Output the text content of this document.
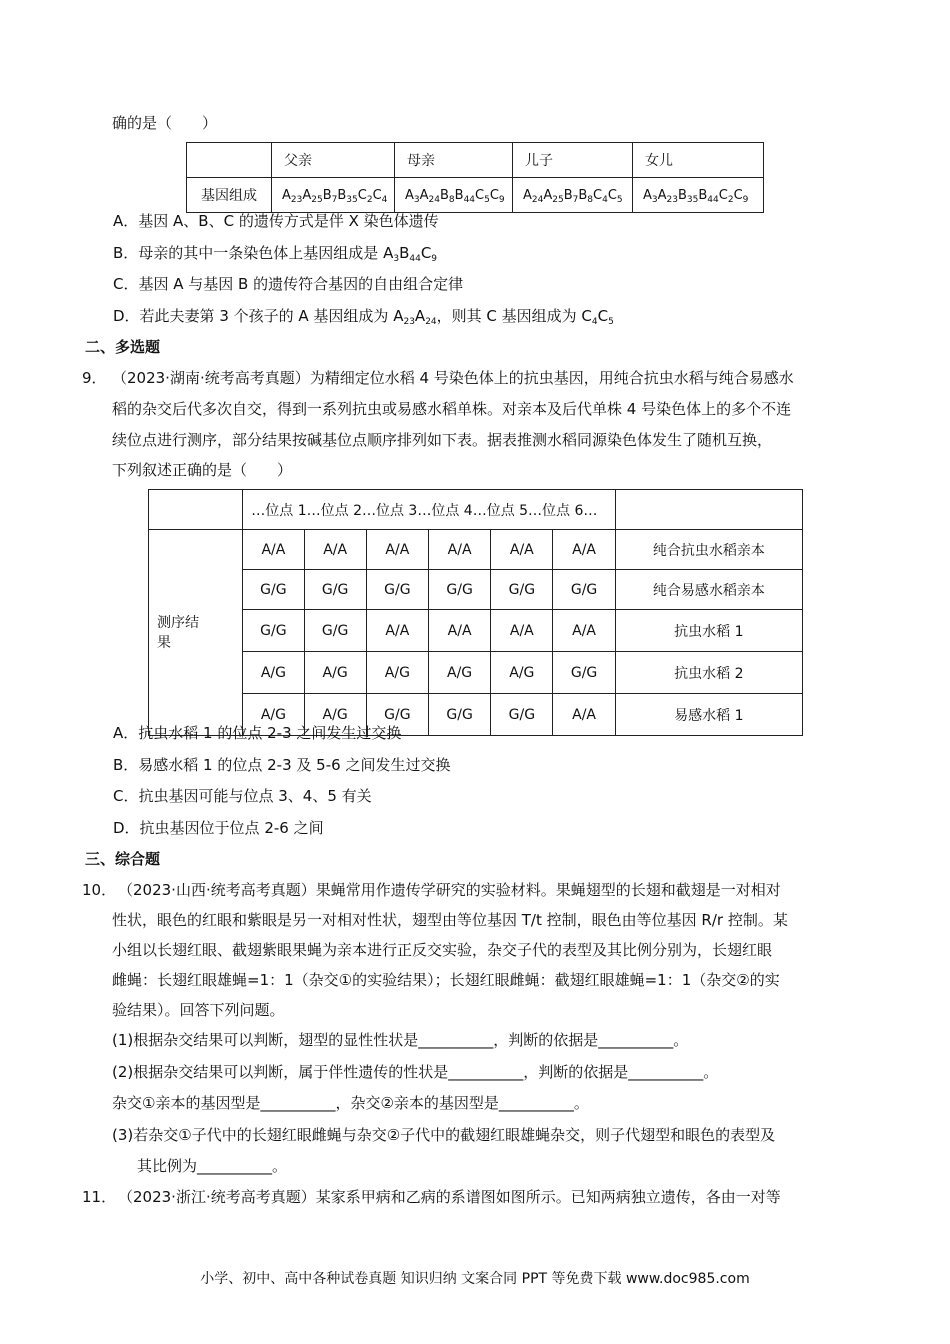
确的是（　　）
	父亲	母亲	儿子	女儿
基因组成	$A_{23}A_{25}B_7B_{35}C_2C_4$	$A_3A_{24}B_8B_{44}C_5C_9$	$A_{24}A_{25}B_7B_8C_4C_5$	$A_3A_{23}B_{35}B_{44}C_2C_9$
A．基因 A、B、C 的遗传方式是伴 X 染色体遗传
B．母亲的其中一条染色体上基因组成是 $A_3B_{44}C_9$
C．基因 A 与基因 B 的遗传符合基因的自由组合定律
D．若此夫妻第 3 个孩子的 A 基因组成为 $A_{23}A_{24}$，则其 C 基因组成为 $C_4C_5$
二、多选题
9． （2023·湖南·统考高考真题）为精细定位水稻 4 号染色体上的抗虫基因，用纯合抗虫水稻与纯合易感水
稻的杂交后代多次自交，得到一系列抗虫或易感水稻单株。对亲本及后代单株 4 号染色体上的多个不连
续位点进行测序，部分结果按碱基位点顺序排列如下表。据表推测水稻同源染色体发生了随机互换，
下列叙述正确的是（　　）
	…位点 1…位点 2…位点 3…位点 4…位点 5…位点 6…						

测序结果	A/A	A/A	A/A	A/A	A/A	A/A	纯合抗虫水稻亲本
	G/G	G/G	G/G	G/G	G/G	G/G	纯合易感水稻亲本
	G/G	G/G	A/A	A/A	A/A	A/A	抗虫水稻 1
	A/G	A/G	A/G	A/G	A/G	G/G	抗虫水稻 2
	A/G	A/G	G/G	G/G	G/G	A/A	易感水稻 1
A．抗虫水稻 1 的位点 2-3 之间发生过交换
B．易感水稻 1 的位点 2-3 及 5-6 之间发生过交换
C．抗虫基因可能与位点 3、4、5 有关
D．抗虫基因位于位点 2-6 之间
三、综合题
10． （2023·山西·统考高考真题）果蝇常用作遗传学研究的实验材料。果蝇翅型的长翅和截翅是一对相对
性状，眼色的红眼和紫眼是另一对相对性状，翅型由等位基因 T/t 控制，眼色由等位基因 R/r 控制。某
小组以长翅红眼、截翅紫眼果蝇为亲本进行正反交实验，杂交子代的表型及其比例分别为，长翅红眼
雌蝇：长翅红眼雄蝇=1：1（杂交①的实验结果）；长翅红眼雌蝇：截翅红眼雄蝇=1：1（杂交②的实
验结果）。回答下列问题。
(1)根据杂交结果可以判断，翅型的显性性状是__________，判断的依据是__________。
(2)根据杂交结果可以判断，属于伴性遗传的性状是__________，判断的依据是__________。
杂交①亲本的基因型是__________，杂交②亲本的基因型是__________。
(3)若杂交①子代中的长翅红眼雌蝇与杂交②子代中的截翅红眼雄蝇杂交，则子代翅型和眼色的表型及
其比例为__________。
11． （2023·浙江·统考高考真题）某家系甲病和乙病的系谱图如图所示。已知两病独立遗传，各由一对等
小学、初中、高中各种试卷真题 知识归纳 文案合同 PPT 等免费下载 www.doc985.com
